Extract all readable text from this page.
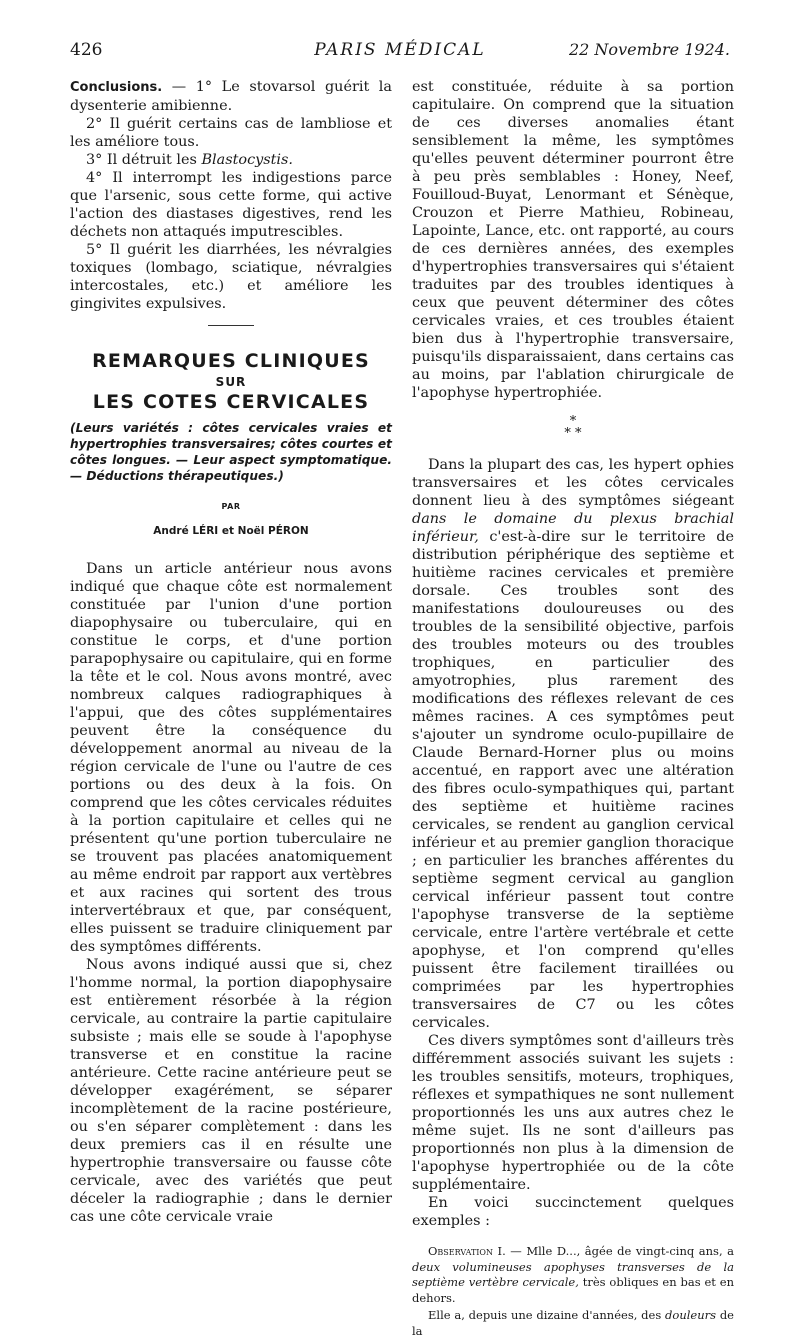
426	PARIS MÉDICAL	22 Novembre 1924.

Conclusions. — 1° Le stovarsol guérit la dysenterie amibienne.

2° Il guérit certains cas de lambliose et les améliore tous.

3° Il détruit les Blastocystis.

4° Il interrompt les indigestions parce que l'arsenic, sous cette forme, qui active l'action des diastases digestives, rend les déchets non attaqués imputrescibles.

5° Il guérit les diarrhées, les névralgies toxiques (lombago, sciatique, névralgies intercostales, etc.) et améliore les gingivites expulsives.

REMARQUES CLINIQUES
SUR
LES COTES CERVICALES

(Leurs variétés : côtes cervicales vraies et hypertrophies transversaires; côtes courtes et côtes longues. — Leur aspect symptomatique. — Déductions thérapeutiques.)

PAR
André LÉRI et Noël PÉRON

Dans un article antérieur nous avons indiqué que chaque côte est normalement constituée par l'union d'une portion diapophysaire ou tuberculaire, qui en constitue le corps, et d'une portion parapophysaire ou capitulaire, qui en forme la tête et le col. Nous avons montré, avec nombreux calques radiographiques à l'appui, que des côtes supplémentaires peuvent être la conséquence du développement anormal au niveau de la région cervicale de l'une ou l'autre de ces portions ou des deux à la fois. On comprend que les côtes cervicales réduites à la portion capitulaire et celles qui ne présentent qu'une portion tuberculaire ne se trouvent pas placées anatomiquement au même endroit par rapport aux vertèbres et aux racines qui sortent des trous intervertébraux et que, par conséquent, elles puissent se traduire cliniquement par des symptômes différents.

Nous avons indiqué aussi que si, chez l'homme normal, la portion diapophysaire est entièrement résorbée à la région cervicale, au contraire la partie capitulaire subsiste ; mais elle se soude à l'apophyse transverse et en constitue la racine antérieure. Cette racine antérieure peut se développer exagérément, se séparer incomplètement de la racine postérieure, ou s'en séparer complètement : dans les deux premiers cas il en résulte une hypertrophie transversaire ou fausse côte cervicale, avec des variétés que peut déceler la radiographie ; dans le dernier cas une côte cervicale vraie

est constituée, réduite à sa portion capitulaire. On comprend que la situation de ces diverses anomalies étant sensiblement la même, les symptômes qu'elles peuvent déterminer pourront être à peu près semblables : Honey, Neef, Fouilloud-Buyat, Lenormant et Sénèque, Crouzon et Pierre Mathieu, Robineau, Lapointe, Lance, etc. ont rapporté, au cours de ces dernières années, des exemples d'hypertrophies transversaires qui s'étaient traduites par des troubles identiques à ceux que peuvent déterminer des côtes cervicales vraies, et ces troubles étaient bien dus à l'hypertrophie transversaire, puisqu'ils disparaissaient, dans certains cas au moins, par l'ablation chirurgicale de l'apophyse hypertrophiée.

*
* *

Dans la plupart des cas, les hypert ophies transversaires et les côtes cervicales donnent lieu à des symptômes siégeant dans le domaine du plexus brachial inférieur, c'est-à-dire sur le territoire de distribution périphérique des septième et huitième racines cervicales et première dorsale. Ces troubles sont des manifestations douloureuses ou des troubles de la sensibilité objective, parfois des troubles moteurs ou des troubles trophiques, en particulier des amyotrophies, plus rarement des modifications des réflexes relevant de ces mêmes racines. A ces symptômes peut s'ajouter un syndrome oculo-pupillaire de Claude Bernard-Horner plus ou moins accentué, en rapport avec une altération des fibres oculo-sympathiques qui, partant des septième et huitième racines cervicales, se rendent au ganglion cervical inférieur et au premier ganglion thoracique ; en particulier les branches afférentes du septième segment cervical au ganglion cervical inférieur passent tout contre l'apophyse transverse de la septième cervicale, entre l'artère vertébrale et cette apophyse, et l'on comprend qu'elles puissent être facilement tiraillées ou comprimées par les hypertrophies transversaires de C7 ou les côtes cervicales.

Ces divers symptômes sont d'ailleurs très différemment associés suivant les sujets : les troubles sensitifs, moteurs, trophiques, réflexes et sympathiques ne sont nullement proportionnés les uns aux autres chez le même sujet. Ils ne sont d'ailleurs pas proportionnés non plus à la dimension de l'apophyse hypertrophiée ou de la côte supplémentaire.

En voici succinctement quelques exemples :

Observation I. — Mlle D..., âgée de vingt-cinq ans, a deux volumineuses apophyses transverses de la septième vertèbre cervicale, très obliques en bas et en dehors.

Elle a, depuis une dizaine d'années, des douleurs de la
